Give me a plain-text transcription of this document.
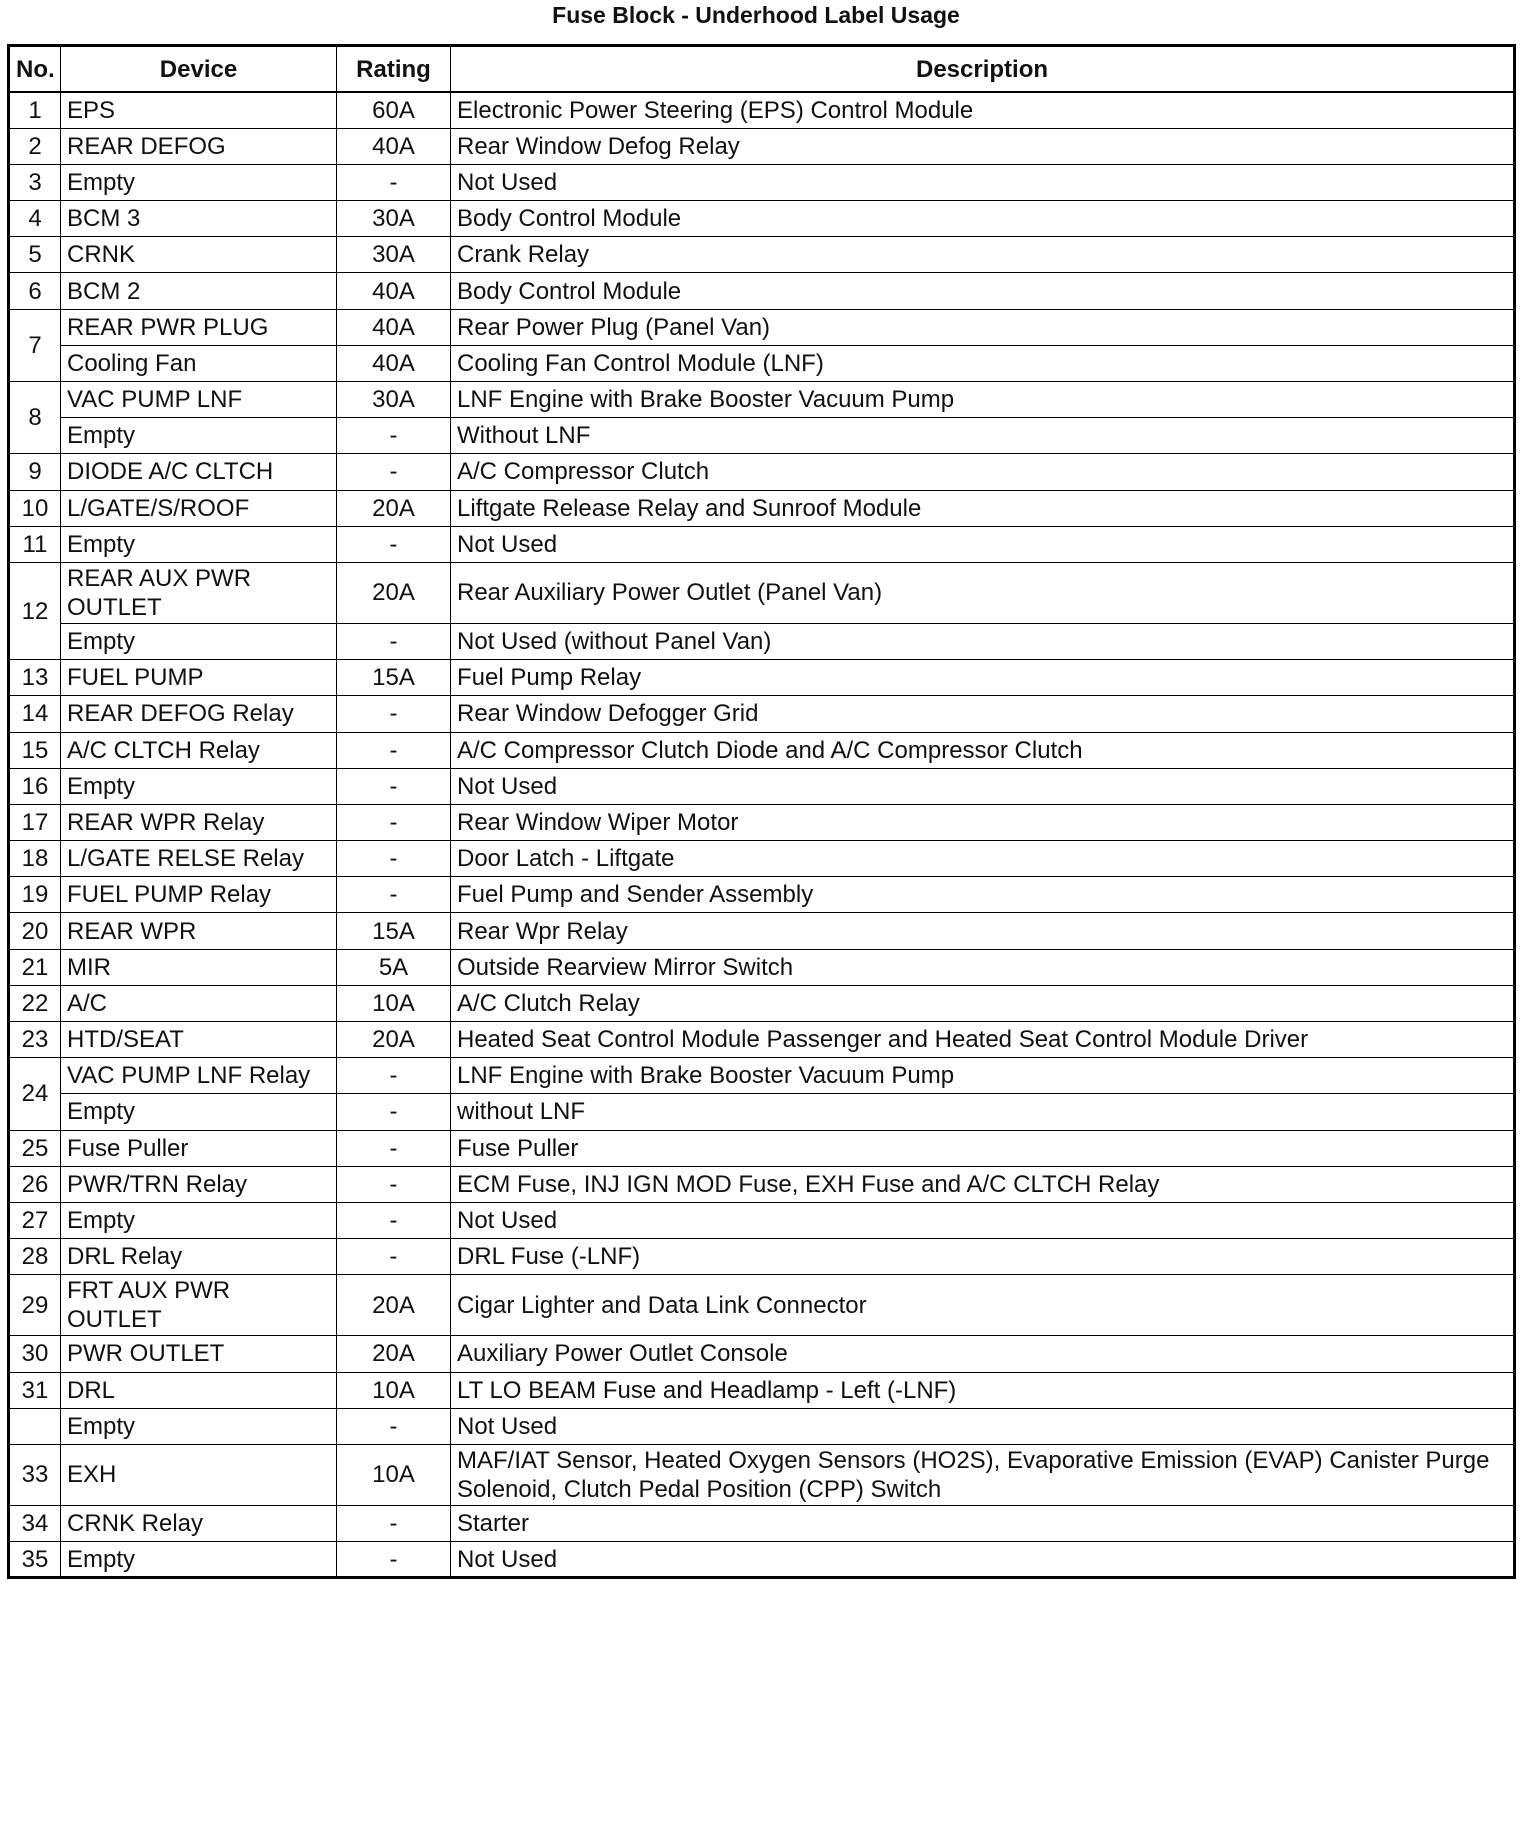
Fuse Block - Underhood Label Usage
No.	Device	Rating	Description
1	EPS	60A	Electronic Power Steering (EPS) Control Module
2	REAR DEFOG	40A	Rear Window Defog Relay
3	Empty	-	Not Used
4	BCM 3	30A	Body Control Module
5	CRNK	30A	Crank Relay
6	BCM 2	40A	Body Control Module
7	REAR PWR PLUG	40A	Rear Power Plug (Panel Van)
	Cooling Fan	40A	Cooling Fan Control Module (LNF)
8	VAC PUMP LNF	30A	LNF Engine with Brake Booster Vacuum Pump
	Empty	-	Without LNF
9	DIODE A/C CLTCH	-	A/C Compressor Clutch
10	L/GATE/S/ROOF	20A	Liftgate Release Relay and Sunroof Module
11	Empty	-	Not Used
12	REAR AUX PWR OUTLET	20A	Rear Auxiliary Power Outlet (Panel Van)
	Empty	-	Not Used (without Panel Van)
13	FUEL PUMP	15A	Fuel Pump Relay
14	REAR DEFOG Relay	-	Rear Window Defogger Grid
15	A/C CLTCH Relay	-	A/C Compressor Clutch Diode and A/C Compressor Clutch
16	Empty	-	Not Used
17	REAR WPR Relay	-	Rear Window Wiper Motor
18	L/GATE RELSE Relay	-	Door Latch - Liftgate
19	FUEL PUMP Relay	-	Fuel Pump and Sender Assembly
20	REAR WPR	15A	Rear Wpr Relay
21	MIR	5A	Outside Rearview Mirror Switch
22	A/C	10A	A/C Clutch Relay
23	HTD/SEAT	20A	Heated Seat Control Module Passenger and Heated Seat Control Module Driver
24	VAC PUMP LNF Relay	-	LNF Engine with Brake Booster Vacuum Pump
	Empty	-	without LNF
25	Fuse Puller	-	Fuse Puller
26	PWR/TRN Relay	-	ECM Fuse, INJ IGN MOD Fuse, EXH Fuse and A/C CLTCH Relay
27	Empty	-	Not Used
28	DRL Relay	-	DRL Fuse (-LNF)
29	FRT AUX PWR OUTLET	20A	Cigar Lighter and Data Link Connector
30	PWR OUTLET	20A	Auxiliary Power Outlet Console
31	DRL	10A	LT LO BEAM Fuse and Headlamp - Left (-LNF)
	Empty	-	Not Used
33	EXH	10A	MAF/IAT Sensor, Heated Oxygen Sensors (HO2S), Evaporative Emission (EVAP) Canister Purge Solenoid, Clutch Pedal Position (CPP) Switch
34	CRNK Relay	-	Starter
35	Empty	-	Not Used
